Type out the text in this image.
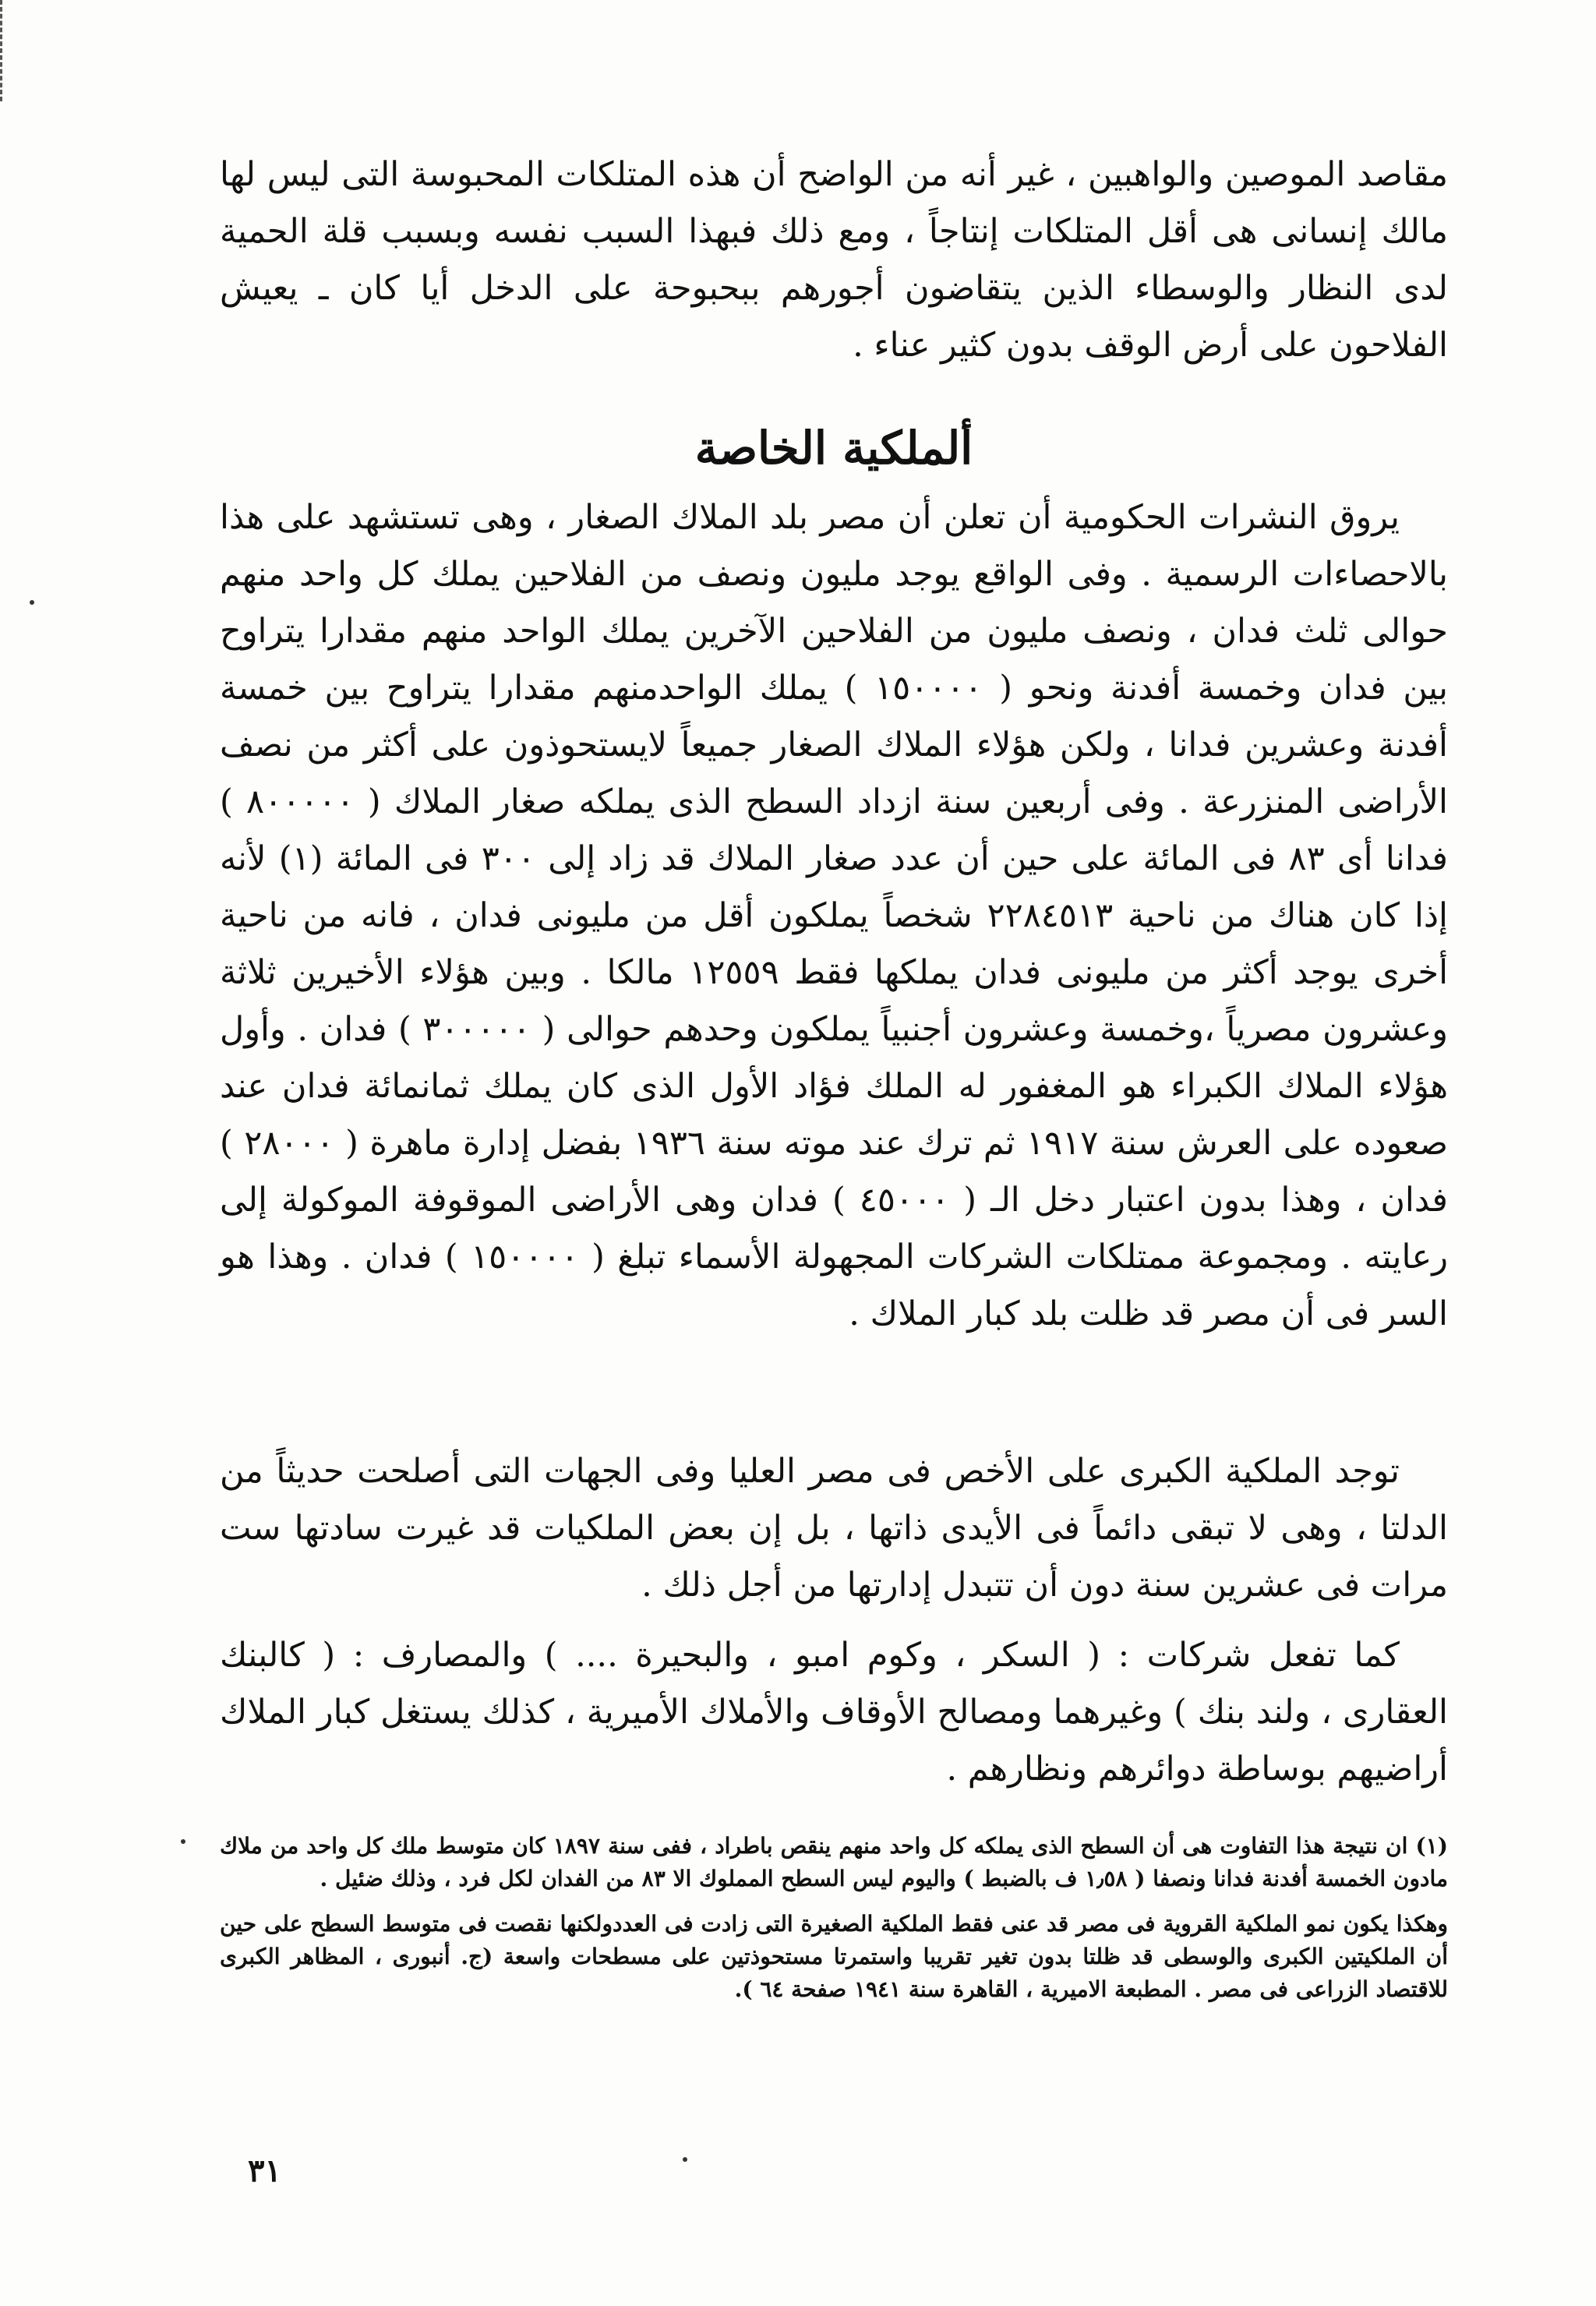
مقاصد الموصين والواهبين ، غير أنه من الواضح أن هذه المتلكات المحبوسة التى ليس لها مالك إنسانى هى أقل المتلكات إنتاجاً ، ومع ذلك فبهذا السبب نفسه وبسبب قلة الحمية لدى النظار والوسطاء الذين يتقاضون أجورهم ببحبوحة على الدخل أيا كان ـ يعيش الفلاحون على أرض الوقف بدون كثير عناء .

ألملكية الخاصة

يروق النشرات الحكومية أن تعلن أن مصر بلد الملاك الصغار ، وهى تستشهد على هذا بالاحصاءات الرسمية . وفى الواقع يوجد مليون ونصف من الفلاحين يملك كل واحد منهم حوالى ثلث فدان ، ونصف مليون من الفلاحين الآخرين يملك الواحد منهم مقدارا يتراوح بين فدان وخمسة أفدنة ونحو ( ١٥٠٠٠٠ ) يملك الواحدمنهم مقدارا يتراوح بين خمسة أفدنة وعشرين فدانا ، ولكن هؤلاء الملاك الصغار جميعاً لايستحوذون على أكثر من نصف الأراضى المنزرعة . وفى أربعين سنة ازداد السطح الذى يملكه صغار الملاك ( ٨٠٠٠٠٠ ) فدانا أى ٨٣ فى المائة على حين أن عدد صغار الملاك قد زاد إلى ٣٠٠ فى المائة (١) لأنه إذا كان هناك من ناحية ٢٢٨٤٥١٣ شخصاً يملكون أقل من مليونى فدان ، فانه من ناحية أخرى يوجد أكثر من مليونى فدان يملكها فقط ١٢٥٥٩ مالكا . وبين هؤلاء الأخيرين ثلاثة وعشرون مصرياً ،وخمسة وعشرون أجنبياً يملكون وحدهم حوالى ( ٣٠٠٠٠٠ ) فدان . وأول هؤلاء الملاك الكبراء هو المغفور له الملك فؤاد الأول الذى كان يملك ثمانمائة فدان عند صعوده على العرش سنة ١٩١٧ ثم ترك عند موته سنة ١٩٣٦ بفضل إدارة ماهرة ( ٢٨٠٠٠ ) فدان ، وهذا بدون اعتبار دخل الـ ( ٤٥٠٠٠ ) فدان وهى الأراضى الموقوفة الموكولة إلى رعايته . ومجموعة ممتلكات الشركات المجهولة الأسماء تبلغ ( ١٥٠٠٠٠ ) فدان . وهذا هو السر فى أن مصر قد ظلت بلد كبار الملاك .

توجد الملكية الكبرى على الأخص فى مصر العليا وفى الجهات التى أصلحت حديثاً من الدلتا ، وهى لا تبقى دائماً فى الأيدى ذاتها ، بل إن بعض الملكيات قد غيرت سادتها ست مرات فى عشرين سنة دون أن تتبدل إدارتها من أجل ذلك .

كما تفعل شركات : ( السكر ، وكوم امبو ، والبحيرة .... ) والمصارف : ( كالبنك العقارى ، ولند بنك ) وغيرهما ومصالح الأوقاف والأملاك الأميرية ، كذلك يستغل كبار الملاك أراضيهم بوساطة دوائرهم ونظارهم .

(١) ان نتيجة هذا التفاوت هى أن السطح الذى يملكه كل واحد منهم ينقص باطراد ، ففى سنة ١٨٩٧ كان متوسط ملك كل واحد من ملاك مادون الخمسة أفدنة فدانا ونصفا ( ١٫٥٨ ف بالضبط ) واليوم ليس السطح المملوك الا ٨٣ من الفدان لكل فرد ، وذلك ضئيل .

وهكذا يكون نمو الملكية القروية فى مصر قد عنى فقط الملكية الصغيرة التى زادت فى العددولكنها نقصت فى متوسط السطح على حين أن الملكيتين الكبرى والوسطى قد ظلتا بدون تغير تقريبا واستمرتا مستحوذتين على مسطحات واسعة (ج. أنبورى ، المظاهر الكبرى للاقتصاد الزراعى فى مصر . المطبعة الاميرية ، القاهرة سنة ١٩٤١ صفحة ٦٤ ).

٣١
